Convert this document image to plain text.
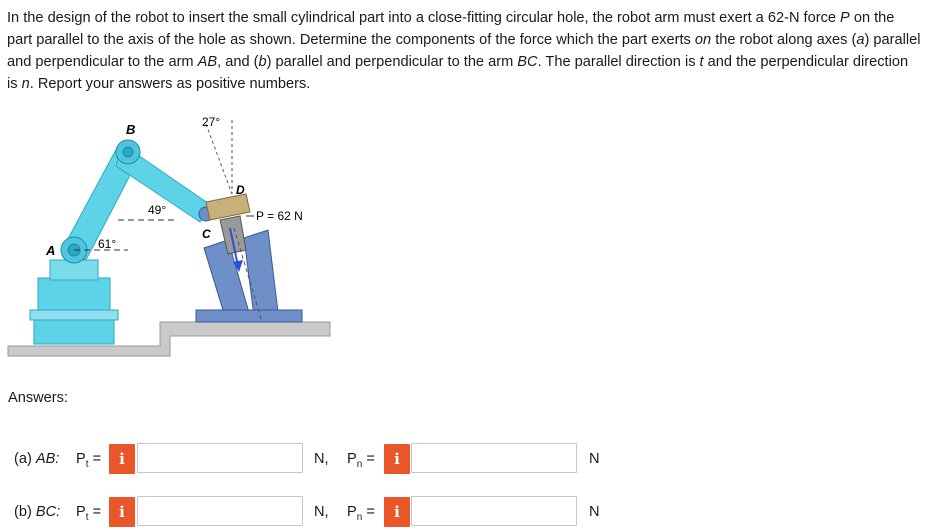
In the design of the robot to insert the small cylindrical part into a close-fitting circular hole, the robot arm must exert a 62-N force P on the part parallel to the axis of the hole as shown. Determine the components of the force which the part exerts on the robot along axes (a) parallel and perpendicular to the arm AB, and (b) parallel and perpendicular to the arm BC. The parallel direction is t and the perpendicular direction is n. Report your answers as positive numbers.
A
B
C
D
61°
49°
27°
P = 62 N
Answers:
(a) AB: $P_t$ =	i	N, $P_n$ =	i	N
(b) BC: $P_t$ =	i	N, $P_n$ =	i	N
